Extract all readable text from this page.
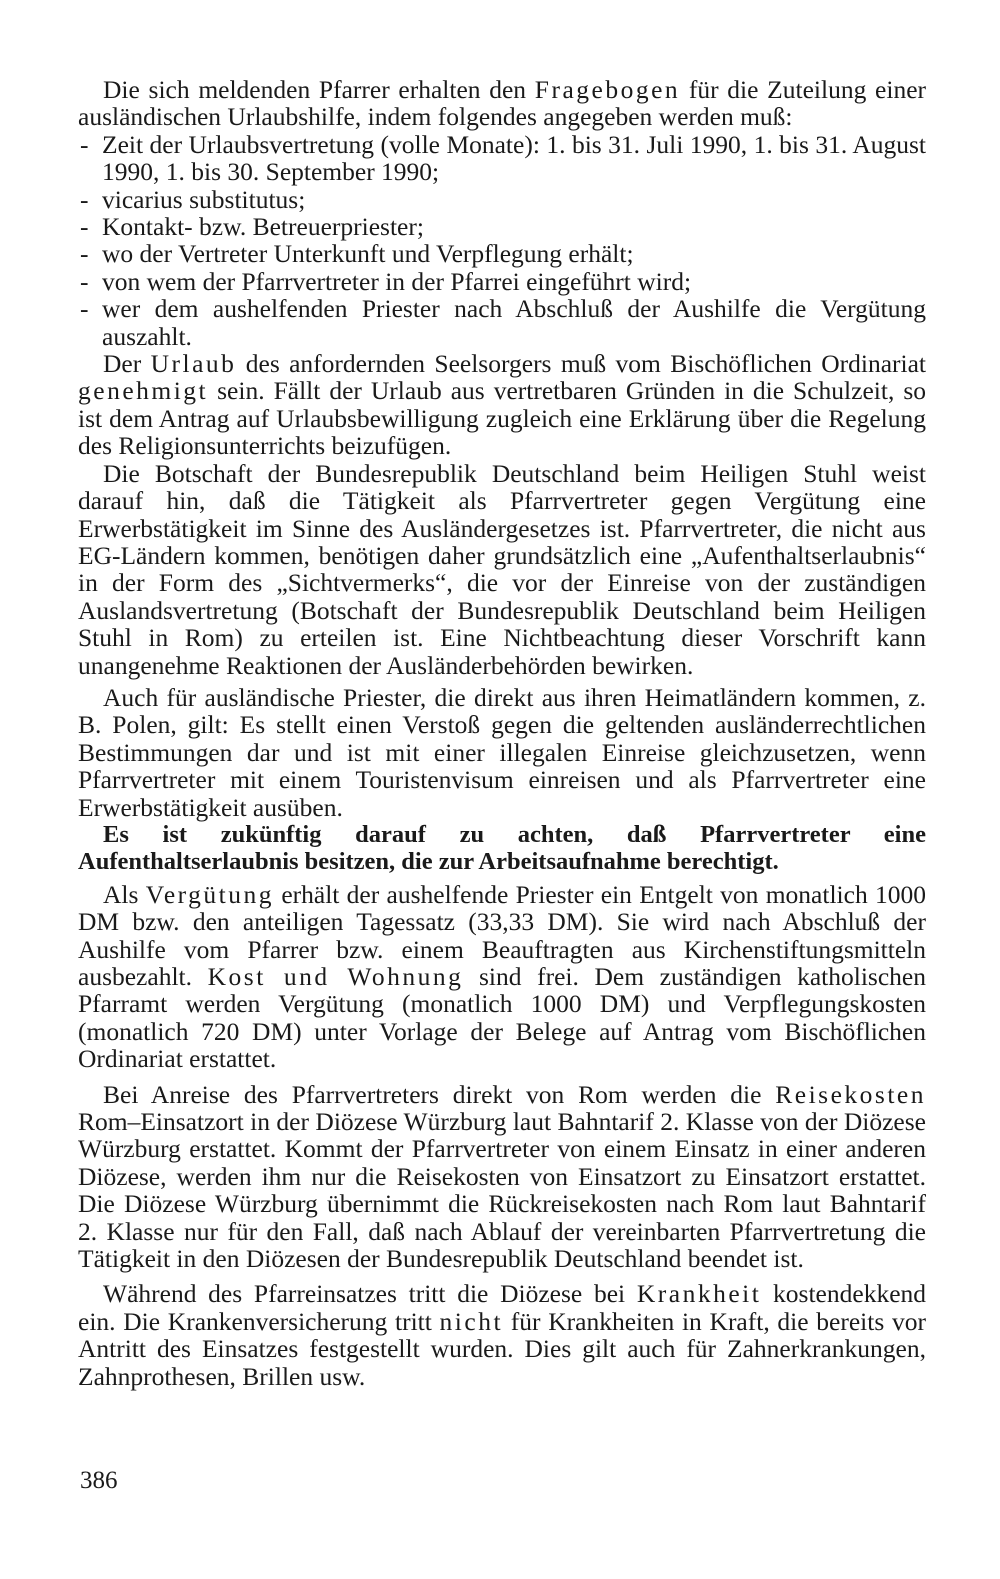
Die sich meldenden Pfarrer erhalten den Fragebogen für die Zuteilung einer ausländischen Urlaubshilfe, indem folgendes angegeben werden muß:

- Zeit der Urlaubsvertretung (volle Monate): 1. bis 31. Juli 1990, 1. bis 31. August 1990, 1. bis 30. September 1990;
- vicarius substitutus;
- Kontakt- bzw. Betreuerpriester;
- wo der Vertreter Unterkunft und Verpflegung erhält;
- von wem der Pfarrvertreter in der Pfarrei eingeführt wird;
- wer dem aushelfenden Priester nach Abschluß der Aushilfe die Vergütung auszahlt.

Der Urlaub des anfordernden Seelsorgers muß vom Bischöflichen Ordinariat genehmigt sein. Fällt der Urlaub aus vertretbaren Gründen in die Schulzeit, so ist dem Antrag auf Urlaubsbewilligung zugleich eine Erklärung über die Regelung des Religionsunterrichts beizufügen.

Die Botschaft der Bundesrepublik Deutschland beim Heiligen Stuhl weist darauf hin, daß die Tätigkeit als Pfarrvertreter gegen Vergütung eine Erwerbstätigkeit im Sinne des Ausländergesetzes ist. Pfarrvertreter, die nicht aus EG-Ländern kommen, benötigen daher grundsätzlich eine „Aufenthaltserlaubnis“ in der Form des „Sichtvermerks“, die vor der Einreise von der zuständigen Auslandsvertretung (Botschaft der Bundesrepublik Deutschland beim Heiligen Stuhl in Rom) zu erteilen ist. Eine Nichtbeachtung dieser Vorschrift kann unangenehme Reaktionen der Ausländerbehörden bewirken.

Auch für ausländische Priester, die direkt aus ihren Heimatländern kommen, z. B. Polen, gilt: Es stellt einen Verstoß gegen die geltenden ausländerrechtlichen Bestimmungen dar und ist mit einer illegalen Einreise gleichzusetzen, wenn Pfarrvertreter mit einem Touristenvisum einreisen und als Pfarrvertreter eine Erwerbstätigkeit ausüben.

Es ist zukünftig darauf zu achten, daß Pfarrvertreter eine Aufenthaltserlaubnis besitzen, die zur Arbeitsaufnahme berechtigt.

Als Vergütung erhält der aushelfende Priester ein Entgelt von monatlich 1000 DM bzw. den anteiligen Tagessatz (33,33 DM). Sie wird nach Abschluß der Aushilfe vom Pfarrer bzw. einem Beauftragten aus Kirchenstiftungsmitteln ausbezahlt. Kost und Wohnung sind frei. Dem zuständigen katholischen Pfarramt werden Vergütung (monatlich 1000 DM) und Verpflegungskosten (monatlich 720 DM) unter Vorlage der Belege auf Antrag vom Bischöflichen Ordinariat erstattet.

Bei Anreise des Pfarrvertreters direkt von Rom werden die Reisekosten Rom–Einsatzort in der Diözese Würzburg laut Bahntarif 2. Klasse von der Diözese Würzburg erstattet. Kommt der Pfarrvertreter von einem Einsatz in einer anderen Diözese, werden ihm nur die Reisekosten von Einsatzort zu Einsatzort erstattet. Die Diözese Würzburg übernimmt die Rückreisekosten nach Rom laut Bahntarif 2. Klasse nur für den Fall, daß nach Ablauf der vereinbarten Pfarrvertretung die Tätigkeit in den Diözesen der Bundesrepublik Deutschland beendet ist.

Während des Pfarreinsatzes tritt die Diözese bei Krankheit kostendekkend ein. Die Krankenversicherung tritt nicht für Krankheiten in Kraft, die bereits vor Antritt des Einsatzes festgestellt wurden. Dies gilt auch für Zahnerkrankungen, Zahnprothesen, Brillen usw.

386
